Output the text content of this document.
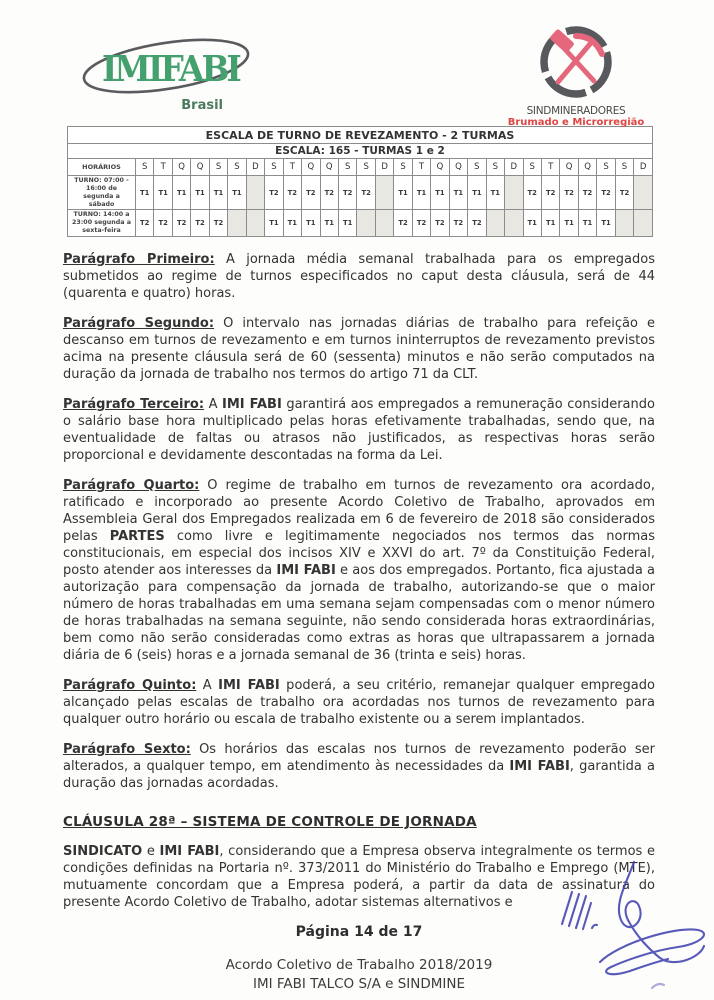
IMIFABI
Brasil	SINDMINERADORES
Brumado e Microrregião
ESCALA DE TURNO DE REVEZAMENTO - 2 TURMAS																												
ESCALA: 165 - TURMAS 1 e 2																												
HORÁRIOS	S	T	Q	Q	S	S	D	S	T	Q	Q	S	S	D	S	T	Q	Q	S	S	D	S	T	Q	Q	S	S	D
TURNO: 07:00 - 16:00 de segunda a sábado	T1	T1	T1	T1	T1	T1		T2	T2	T2	T2	T2	T2		T1	T1	T1	T1	T1	T1		T2	T2	T2	T2	T2	T2	
TURNO: 14:00 a 23:00 segunda a sexta-feira	T2	T2	T2	T2	T2			T1	T1	T1	T1	T1			T2	T2	T2	T2	T2			T1	T1	T1	T1	T1		

Parágrafo Primeiro: A jornada média semanal trabalhada para os empregados submetidos ao regime de turnos especificados no caput desta cláusula, será de 44 (quarenta e quatro) horas.

Parágrafo Segundo: O intervalo nas jornadas diárias de trabalho para refeição e descanso em turnos de revezamento e em turnos ininterruptos de revezamento previstos acima na presente cláusula será de 60 (sessenta) minutos e não serão computados na duração da jornada de trabalho nos termos do artigo 71 da CLT.

Parágrafo Terceiro: A IMI FABI garantirá aos empregados a remuneração considerando o salário base hora multiplicado pelas horas efetivamente trabalhadas, sendo que, na eventualidade de faltas ou atrasos não justificados, as respectivas horas serão proporcional e devidamente descontadas na forma da Lei.

Parágrafo Quarto: O regime de trabalho em turnos de revezamento ora acordado, ratificado e incorporado ao presente Acordo Coletivo de Trabalho, aprovados em Assembleia Geral dos Empregados realizada em 6 de fevereiro de 2018 são considerados pelas PARTES como livre e legitimamente negociados nos termos das normas constitucionais, em especial dos incisos XIV e XXVI do art. 7º da Constituição Federal, posto atender aos interesses da IMI FABI e aos dos empregados. Portanto, fica ajustada a autorização para compensação da jornada de trabalho, autorizando-se que o maior número de horas trabalhadas em uma semana sejam compensadas com o menor número de horas trabalhadas na semana seguinte, não sendo considerada horas extraordinárias, bem como não serão consideradas como extras as horas que ultrapassarem a jornada diária de 6 (seis) horas e a jornada semanal de 36 (trinta e seis) horas.

Parágrafo Quinto: A IMI FABI poderá, a seu critério, remanejar qualquer empregado alcançado pelas escalas de trabalho ora acordadas nos turnos de revezamento para qualquer outro horário ou escala de trabalho existente ou a serem implantados.

Parágrafo Sexto: Os horários das escalas nos turnos de revezamento poderão ser alterados, a qualquer tempo, em atendimento às necessidades da IMI FABI, garantida a duração das jornadas acordadas.

CLÁUSULA 28ª – SISTEMA DE CONTROLE DE JORNADA

SINDICATO e IMI FABI, considerando que a Empresa observa integralmente os termos e condições definidas na Portaria nº. 373/2011 do Ministério do Trabalho e Emprego (MTE), mutuamente concordam que a Empresa poderá, a partir da data de assinatura do presente Acordo Coletivo de Trabalho, adotar sistemas alternativos e

Página 14 de 17
Acordo Coletivo de Trabalho 2018/2019
IMI FABI TALCO S/A e SINDMINE
